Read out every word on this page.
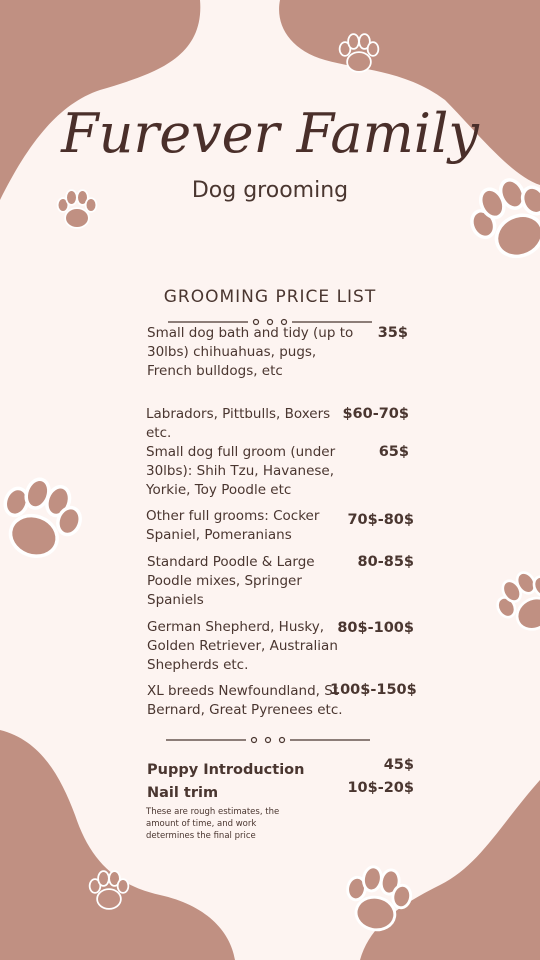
Furever Family
Dog grooming
GROOMING PRICE LIST
Small dog bath and tidy (up to 30lbs) chihuahuas, pugs, French bulldogs, etc
35$
Labradors, Pittbulls, Boxers etc.
$60-70$
Small dog full groom (under 30lbs): Shih Tzu, Havanese, Yorkie, Toy Poodle etc
65$
Other full grooms: Cocker Spaniel, Pomeranians
70$-80$
Standard Poodle & Large Poodle mixes, Springer Spaniels
80-85$
German Shepherd, Husky, Golden Retriever, Australian Shepherds etc.
80$-100$
XL breeds Newfoundland, St Bernard, Great Pyrenees etc.
100$-150$
Puppy Introduction	45$
Nail trim	10$-20$
These are rough estimates, the amount of time, and work determines the final price
